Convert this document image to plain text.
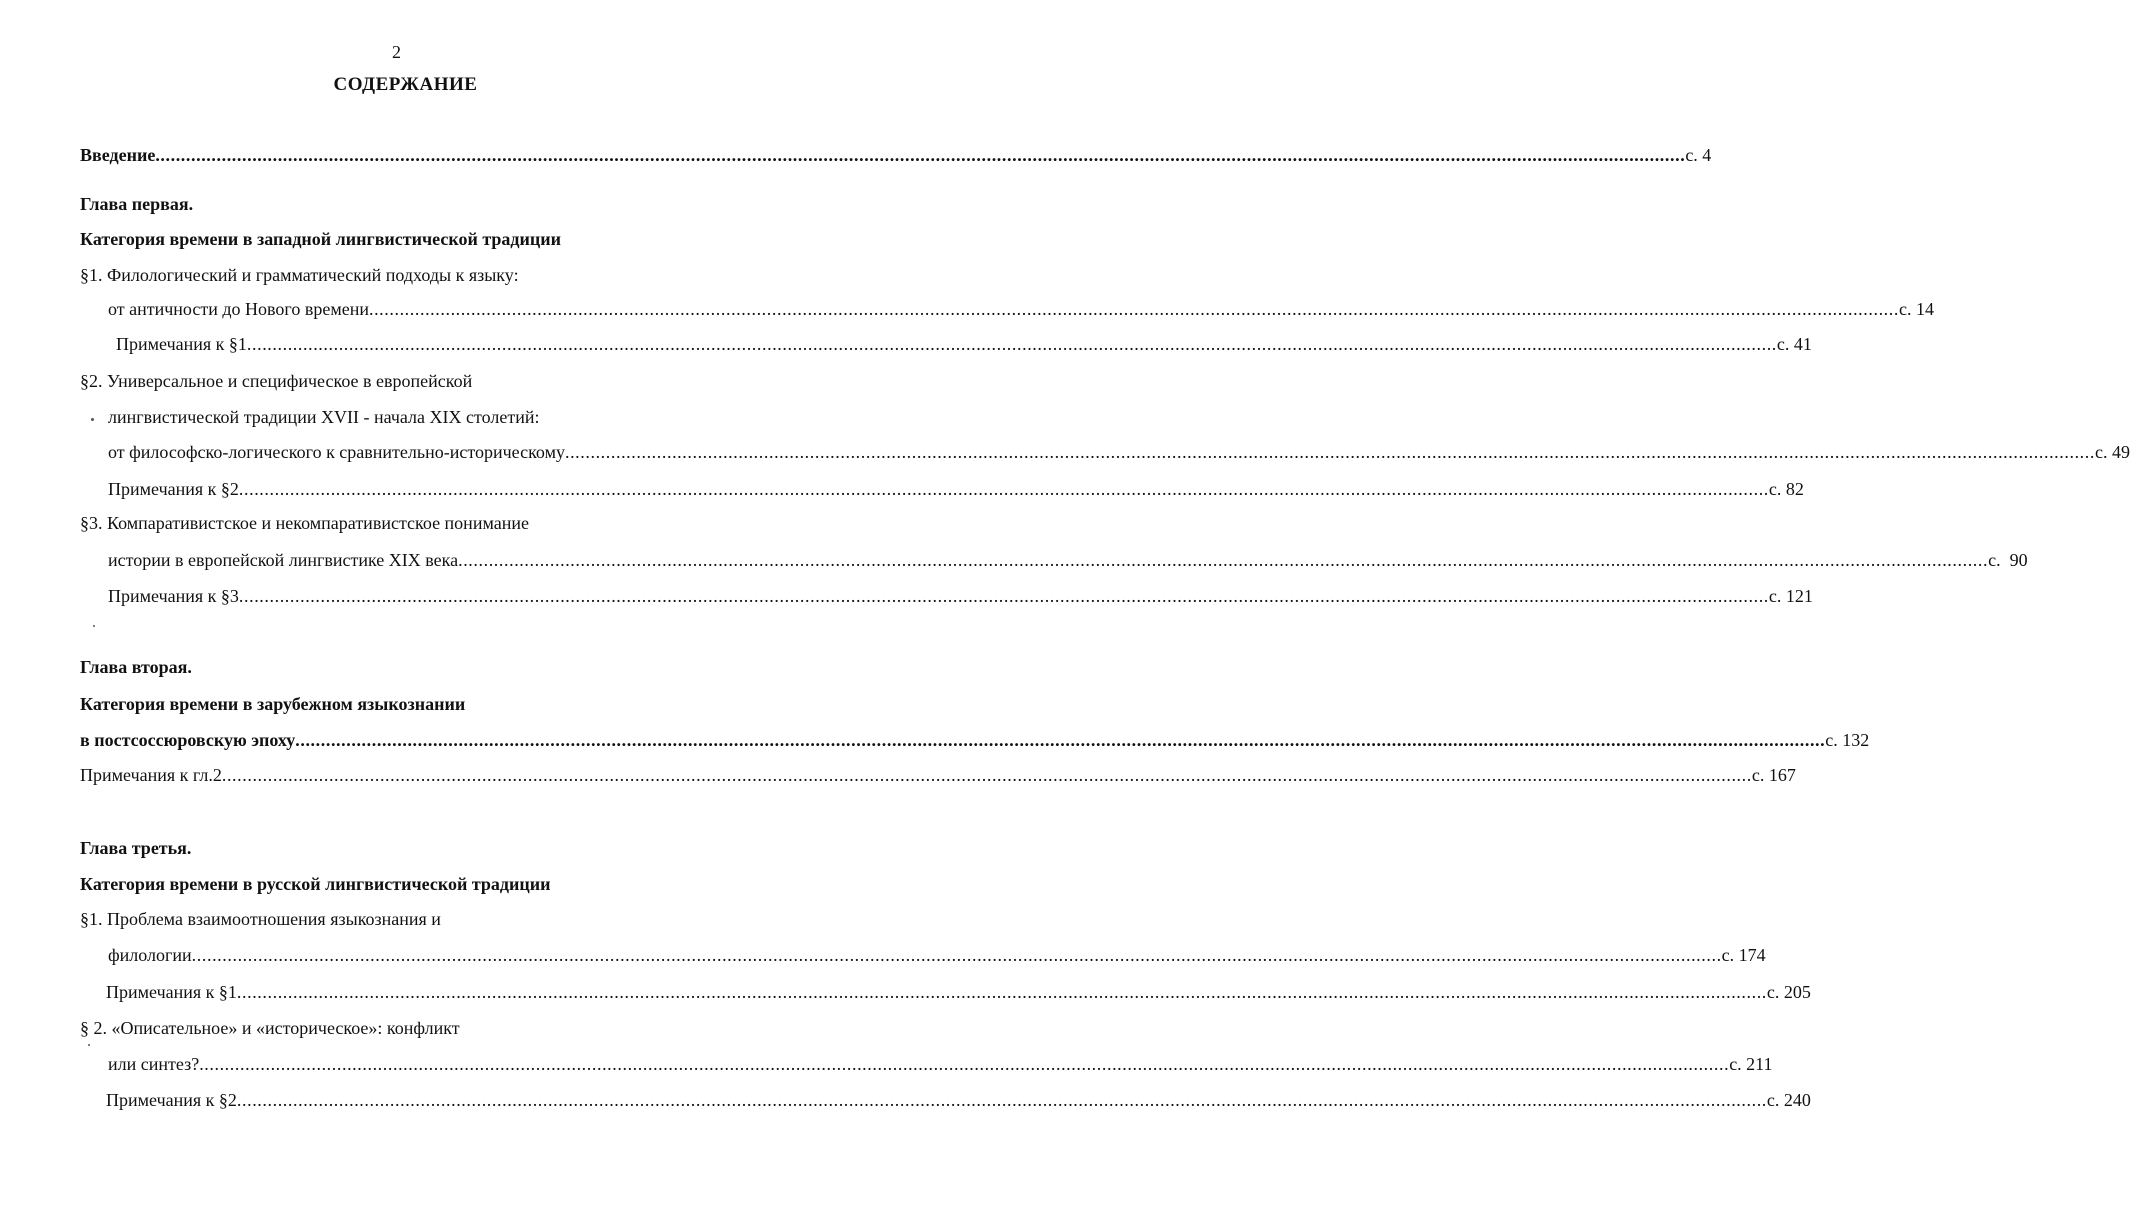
2
СОДЕРЖАНИЕ
Введение ............................................................................................................................................................................................................................................................................................................ с. 4
Глава первая.
Категория времени в западной лингвистической традиции
§1. Филологический и грамматический подходы к языку:
от античности до Нового времени ............................................................................................................................................................................................................................................................................................................ с. 14
Примечания к §1 ............................................................................................................................................................................................................................................................................................................ с. 41
§2. Универсальное и специфическое в европейской
лингвистической традиции XVII - начала XIX столетий:
от философско-логического к сравнительно-историческому ............................................................................................................................................................................................................................................................................................................ с. 49
Примечания к §2 ............................................................................................................................................................................................................................................................................................................ с. 82
§3. Компаративистское и некомпаративистское понимание
истории в европейской лингвистике XIX века ............................................................................................................................................................................................................................................................................................................ с.  90
Примечания к §3 ............................................................................................................................................................................................................................................................................................................ с. 121
Глава вторая.
Категория времени в зарубежном языкознании
в постсоссюровскую эпоху ............................................................................................................................................................................................................................................................................................................ с. 132
Примечания к гл.2 ............................................................................................................................................................................................................................................................................................................ с. 167
Глава третья.
Категория времени в русской лингвистической традиции
§1. Проблема взаимоотношения языкознания и
филологии ............................................................................................................................................................................................................................................................................................................ с. 174
Примечания к §1 ............................................................................................................................................................................................................................................................................................................ с. 205
§ 2. «Описательное» и «историческое»: конфликт
или синтез? ............................................................................................................................................................................................................................................................................................................ с. 211
Примечания к §2 ............................................................................................................................................................................................................................................................................................................ с. 240
